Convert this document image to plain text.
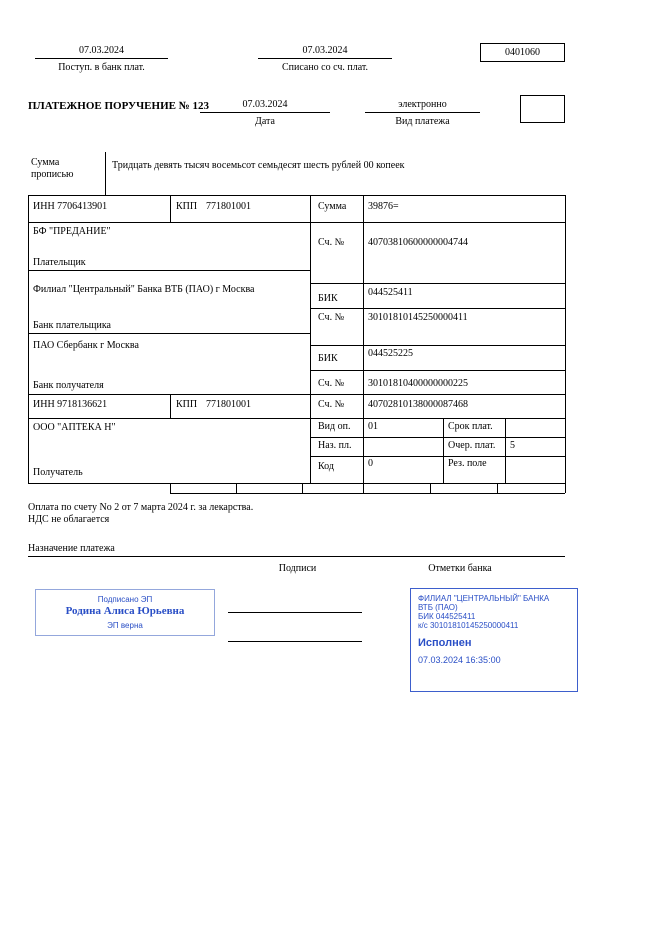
07.03.2024
Поступ. в банк плат.
07.03.2024
Списано со сч. плат.
0401060
ПЛАТЕЖНОЕ ПОРУЧЕНИЕ № 123	07.03.2024
Дата
электронно
Вид платежа
Сумма
прописью
Тридцать девять тысяч восемьсот семьдесят шесть рублей 00 копеек
ИНН 7706413901	КПП 771801001	Сумма 39876=
БФ "ПРЕДАНИЕ"
Плательщик
Сч. № 40703810600000004744
Филиал "Центральный" Банка ВТБ (ПАО) г Москва
БИК
044525411
Сч. № 30101810145250000411
Банк плательщика
ПАО Сбербанк г Москва
БИК	044525225
Сч. № 30101810400000000225
Банк получателя
ИНН 9718136621	КПП 771801001	Сч. № 40702810138000087468
ООО "АПТЕКА Н"
Получатель
Вид оп. 01	Срок плат.
Наз. пл.	Очер. плат. 5
Код	0	Рез. поле
Оплата по счету No 2 от 7 марта 2024 г. за лекарства.
НДС не облагается
Назначение платежа
Подписи	Отметки банка
Подписано ЭП
Родина Алиса Юрьевна
ЭП верна
ФИЛИАЛ "ЦЕНТРАЛЬНЫЙ" БАНКА
ВТБ (ПАО)
БИК 044525411
к/с 30101810145250000411
Исполнен
07.03.2024 16:35:00
